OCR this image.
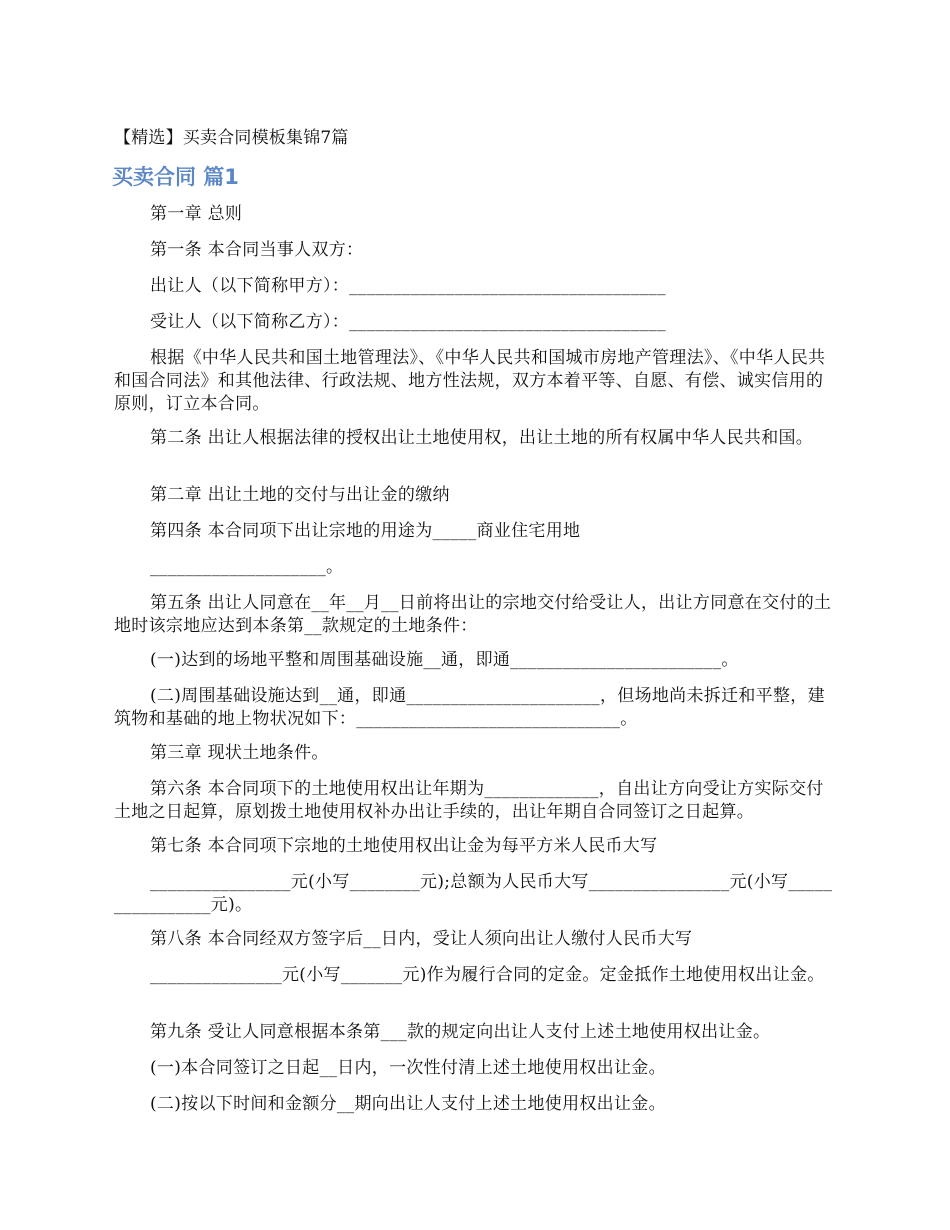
【精选】买卖合同模板集锦7篇
买卖合同 篇1

第一章 总则

第一条 本合同当事人双方：

出让人（以下简称甲方）：____________________________________

受让人（以下简称乙方）：____________________________________

根据《中华人民共和国土地管理法》、《中华人民共和国城市房地产管理法》、《中华人民共和国合同法》和其他法律、行政法规、地方性法规，双方本着平等、自愿、有偿、诚实信用的原则，订立本合同。

第二条 出让人根据法律的授权出让土地使用权，出让土地的所有权属中华人民共和国。

第二章 出让土地的交付与出让金的缴纳

第四条 本合同项下出让宗地的用途为_____商业住宅用地

____________________。

第五条 出让人同意在__年__月__日前将出让的宗地交付给受让人，出让方同意在交付的土地时该宗地应达到本条第__款规定的土地条件：

(一)达到的场地平整和周围基础设施__通，即通________________________。

(二)周围基础设施达到__通，即通______________________，但场地尚未拆迁和平整，建筑物和基础的地上物状况如下：______________________________。

第三章 现状土地条件。

第六条 本合同项下的土地使用权出让年期为_____________，自出让方向受让方实际交付土地之日起算，原划拨土地使用权补办出让手续的，出让年期自合同签订之日起算。

第七条 本合同项下宗地的土地使用权出让金为每平方米人民币大写

________________元(小写________元);总额为人民币大写________________元(小写________________元)。

第八条 本合同经双方签字后__日内，受让人须向出让人缴付人民币大写

_______________元(小写_______元)作为履行合同的定金。定金抵作土地使用权出让金。

第九条 受让人同意根据本条第___款的规定向出让人支付上述土地使用权出让金。

(一)本合同签订之日起__日内，一次性付清上述土地使用权出让金。

(二)按以下时间和金额分__期向出让人支付上述土地使用权出让金。
